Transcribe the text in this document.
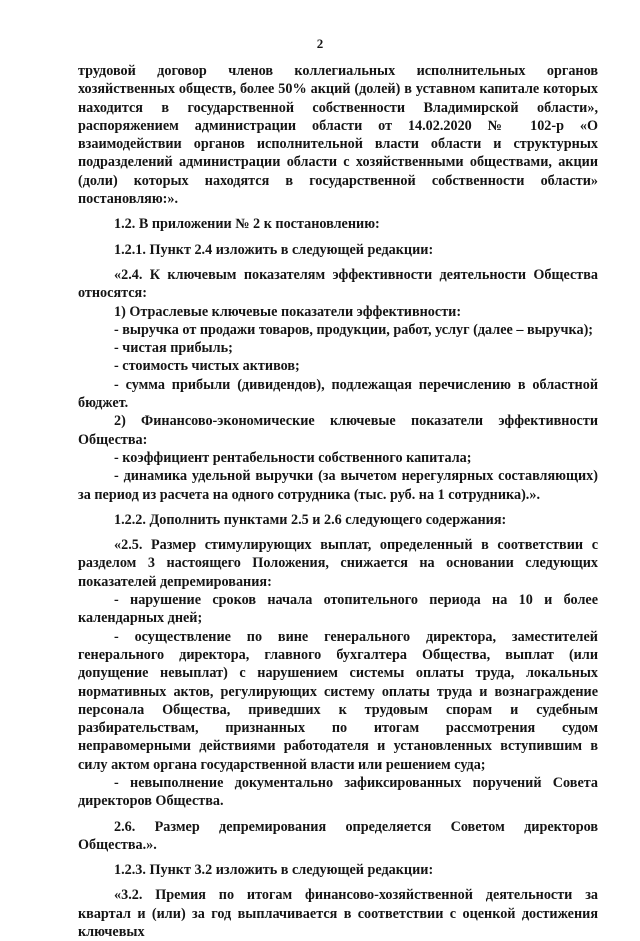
2

трудовой договор членов коллегиальных исполнительных органов хозяйственных обществ, более 50% акций (долей) в уставном капитале которых находится в государственной собственности Владимирской области», распоряжением администрации области от 14.02.2020 № 102-р «О взаимодействии органов исполнительной власти области и структурных подразделений администрации области с хозяйственными обществами, акции (доли) которых находятся в государственной собственности области» постановляю:».

1.2. В приложении № 2 к постановлению:

1.2.1. Пункт 2.4 изложить в следующей редакции:

«2.4. К ключевым показателям эффективности деятельности Общества относятся:

1) Отраслевые ключевые показатели эффективности:

- выручка от продажи товаров, продукции, работ, услуг (далее – выручка);

- чистая прибыль;

- стоимость чистых активов;

- сумма прибыли (дивидендов), подлежащая перечислению в областной бюджет.

2) Финансово-экономические ключевые показатели эффективности Общества:

- коэффициент рентабельности собственного капитала;

- динамика удельной выручки (за вычетом нерегулярных составляющих) за период из расчета на одного сотрудника (тыс. руб. на 1 сотрудника).».

1.2.2. Дополнить пунктами 2.5 и 2.6 следующего содержания:

«2.5. Размер стимулирующих выплат, определенный в соответствии с разделом 3 настоящего Положения, снижается на основании следующих показателей депремирования:

- нарушение сроков начала отопительного периода на 10 и более календарных дней;

- осуществление по вине генерального директора, заместителей генерального директора, главного бухгалтера Общества, выплат (или допущение невыплат) с нарушением системы оплаты труда, локальных нормативных актов, регулирующих систему оплаты труда и вознаграждение персонала Общества, приведших к трудовым спорам и судебным разбирательствам, признанных по итогам рассмотрения судом неправомерными действиями работодателя и установленных вступившим в силу актом органа государственной власти или решением суда;

- невыполнение документально зафиксированных поручений Совета директоров Общества.

2.6. Размер депремирования определяется Советом директоров Общества.».

1.2.3. Пункт 3.2 изложить в следующей редакции:

«3.2. Премия по итогам финансово-хозяйственной деятельности за квартал и (или) за год выплачивается в соответствии с оценкой достижения ключевых
